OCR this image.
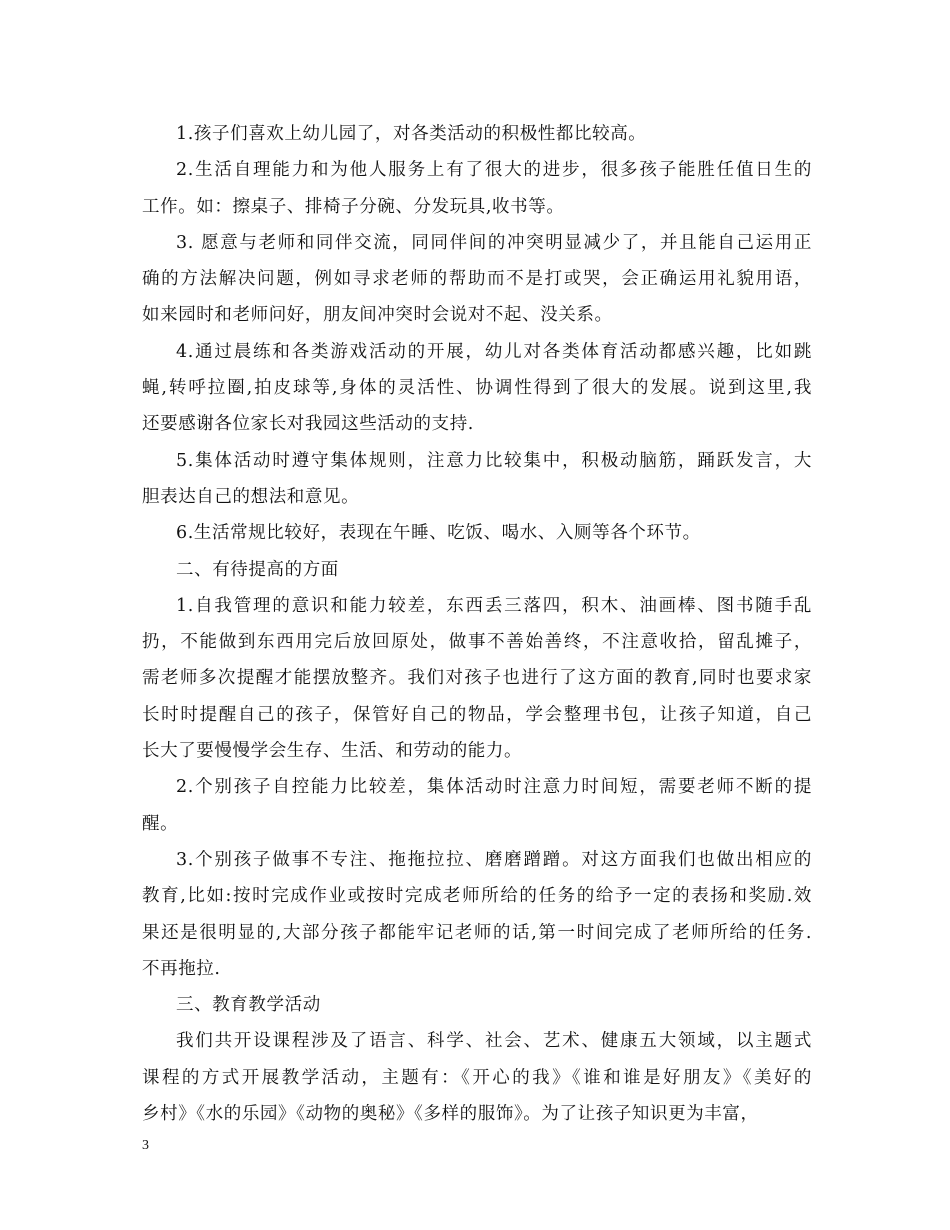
1.孩子们喜欢上幼儿园了，对各类活动的积极性都比较高。
2.生活自理能力和为他人服务上有了很大的进步，很多孩子能胜任值日生的
工作。如：擦桌子、排椅子分碗、分发玩具,收书等。
3. 愿意与老师和同伴交流，同同伴间的冲突明显减少了，并且能自己运用正
确的方法解决问题，例如寻求老师的帮助而不是打或哭，会正确运用礼貌用语，
如来园时和老师问好，朋友间冲突时会说对不起、没关系。
4.通过晨练和各类游戏活动的开展，幼儿对各类体育活动都感兴趣，比如跳
蝇,转呼拉圈,拍皮球等,身体的灵活性、协调性得到了很大的发展。说到这里,我
还要感谢各位家长对我园这些活动的支持.
5.集体活动时遵守集体规则，注意力比较集中，积极动脑筋，踊跃发言，大
胆表达自己的想法和意见。
6.生活常规比较好，表现在午睡、吃饭、喝水、入厕等各个环节。
二、有待提高的方面
1.自我管理的意识和能力较差，东西丢三落四，积木、油画棒、图书随手乱
扔，不能做到东西用完后放回原处，做事不善始善终，不注意收拾，留乱摊子，
需老师多次提醒才能摆放整齐。我们对孩子也进行了这方面的教育,同时也要求家
长时时提醒自己的孩子，保管好自己的物品，学会整理书包，让孩子知道，自己
长大了要慢慢学会生存、生活、和劳动的能力。
2.个别孩子自控能力比较差，集体活动时注意力时间短，需要老师不断的提
醒。
3.个别孩子做事不专注、拖拖拉拉、磨磨蹭蹭。对这方面我们也做出相应的
教育,比如:按时完成作业或按时完成老师所给的任务的给予一定的表扬和奖励.效
果还是很明显的,大部分孩子都能牢记老师的话,第一时间完成了老师所给的任务.
不再拖拉.
三、教育教学活动
我们共开设课程涉及了语言、科学、社会、艺术、健康五大领域，以主题式
课程的方式开展教学活动，主题有：《开心的我》《谁和谁是好朋友》《美好的
乡村》《水的乐园》《动物的奥秘》《多样的服饰》。为了让孩子知识更为丰富，
3
